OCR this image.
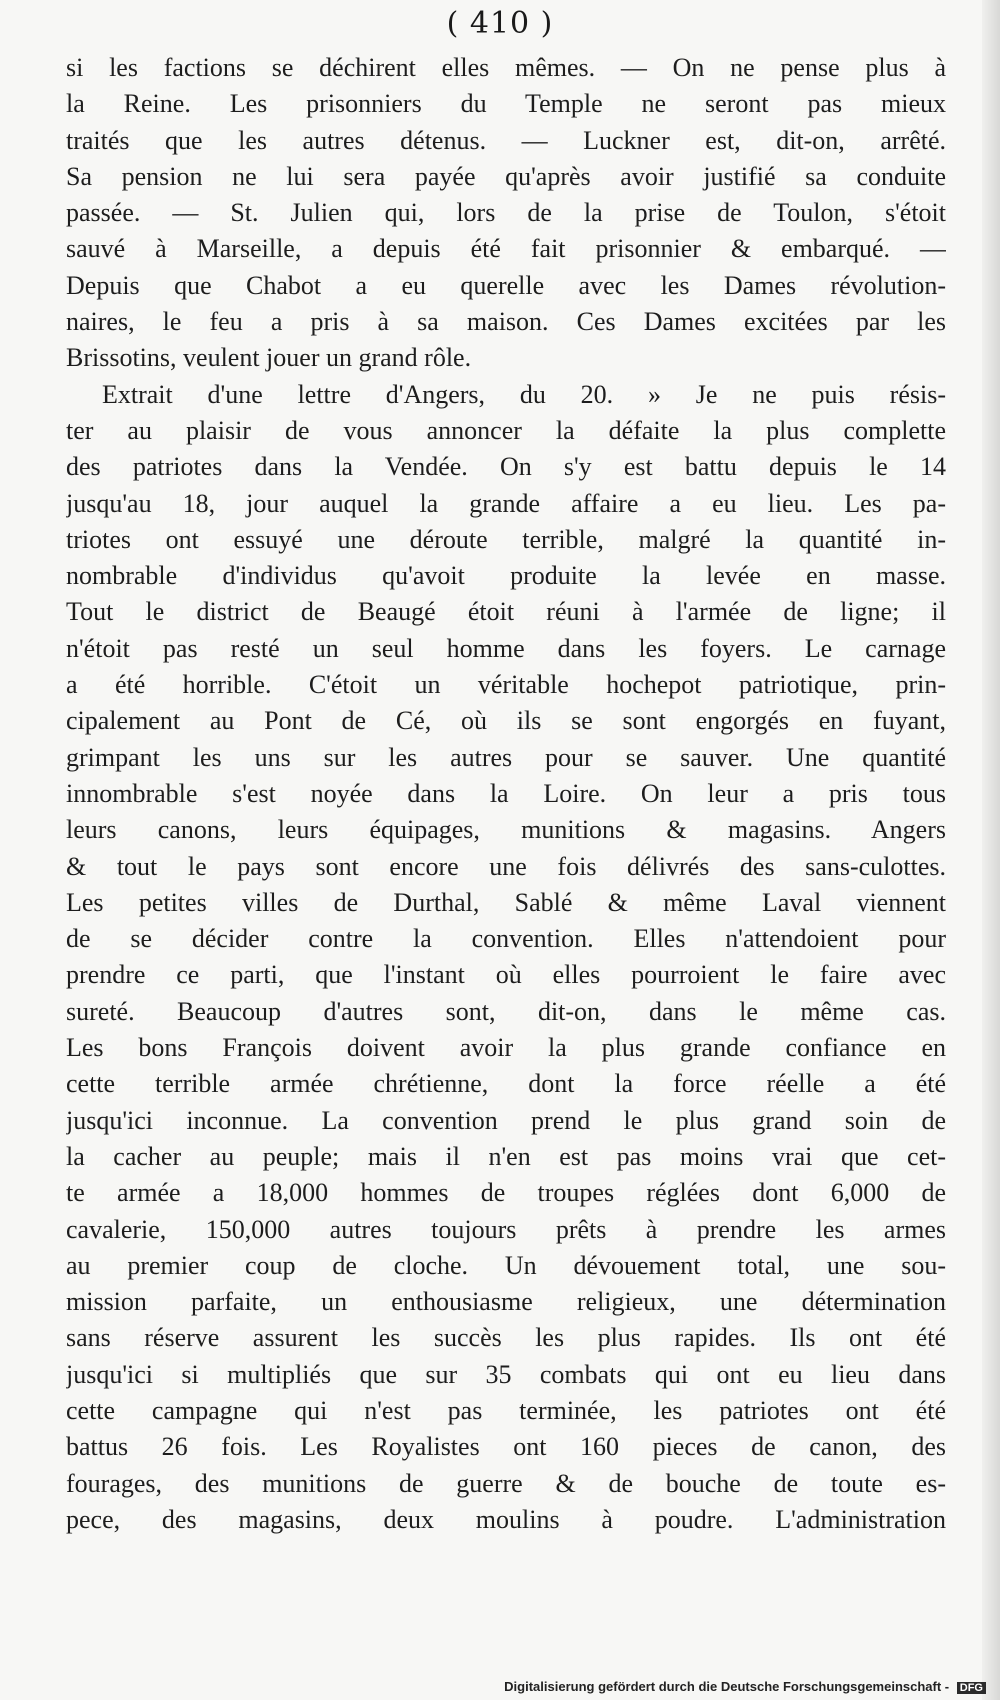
( 410 )
si les factions se déchirent elles mêmes. — On ne pense plus à
la Reine. Les prisonniers du Temple ne seront pas mieux
traités que les autres détenus. — Luckner est, dit-on, arrêté.
Sa pension ne lui sera payée qu'après avoir justifié sa conduite
passée. — St. Julien qui, lors de la prise de Toulon, s'étoit
sauvé à Marseille, a depuis été fait prisonnier & embarqué. —
Depuis que Chabot a eu querelle avec les Dames révolution-
naires, le feu a pris à sa maison. Ces Dames excitées par les
Brissotins, veulent jouer un grand rôle.
Extrait d'une lettre d'Angers, du 20. » Je ne puis résis-
ter au plaisir de vous annoncer la défaite la plus complette
des patriotes dans la Vendée. On s'y est battu depuis le 14
jusqu'au 18, jour auquel la grande affaire a eu lieu. Les pa-
triotes ont essuyé une déroute terrible, malgré la quantité in-
nombrable d'individus qu'avoit produite la levée en masse.
Tout le district de Beaugé étoit réuni à l'armée de ligne; il
n'étoit pas resté un seul homme dans les foyers. Le carnage
a été horrible. C'étoit un véritable hochepot patriotique, prin-
cipalement au Pont de Cé, où ils se sont engorgés en fuyant,
grimpant les uns sur les autres pour se sauver. Une quantité
innombrable s'est noyée dans la Loire. On leur a pris tous
leurs canons, leurs équipages, munitions & magasins. Angers
& tout le pays sont encore une fois délivrés des sans-culottes.
Les petites villes de Durthal, Sablé & même Laval viennent
de se décider contre la convention. Elles n'attendoient pour
prendre ce parti, que l'instant où elles pourroient le faire avec
sureté. Beaucoup d'autres sont, dit-on, dans le même cas.
Les bons François doivent avoir la plus grande confiance en
cette terrible armée chrétienne, dont la force réelle a été
jusqu'ici inconnue. La convention prend le plus grand soin de
la cacher au peuple; mais il n'en est pas moins vrai que cet-
te armée a 18,000 hommes de troupes réglées dont 6,000 de
cavalerie, 150,000 autres toujours prêts à prendre les armes
au premier coup de cloche. Un dévouement total, une sou-
mission parfaite, un enthousiasme religieux, une détermination
sans réserve assurent les succès les plus rapides. Ils ont été
jusqu'ici si multipliés que sur 35 combats qui ont eu lieu dans
cette campagne qui n'est pas terminée, les patriotes ont été
battus 26 fois. Les Royalistes ont 160 pieces de canon, des
fourages, des munitions de guerre & de bouche de toute es-
pece, des magasins, deux moulins à poudre. L'administration
Digitalisierung gefördert durch die Deutsche Forschungsgemeinschaft - DFG
